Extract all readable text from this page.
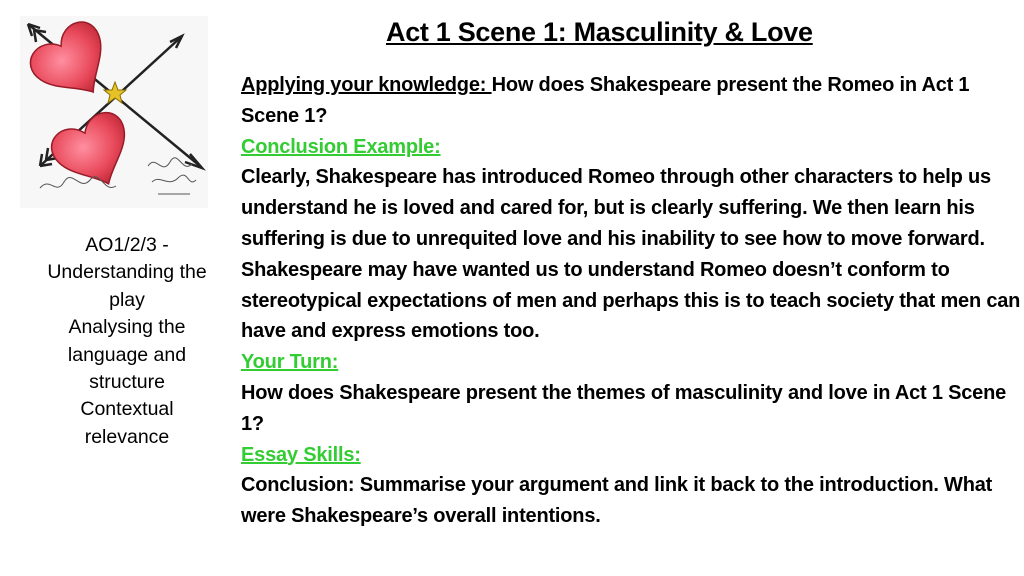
Act 1 Scene 1: Masculinity & Love
AO1/2/3 -
Understanding the
play
Analysing the
language and
structure
Contextual
relevance

Applying your knowledge: How does Shakespeare present the Romeo in Act 1 Scene 1?

Conclusion Example:

Clearly, Shakespeare has introduced Romeo through other characters to help us understand he is loved and cared for, but is clearly suffering. We then learn his suffering is due to unrequited love and his inability to see how to move forward. Shakespeare may have wanted us to understand Romeo doesn’t conform to stereotypical expectations of men and perhaps this is to teach society that men can have and express emotions too.

Your Turn:

How does Shakespeare present the themes of masculinity and love in Act 1 Scene 1?

Essay Skills:

Conclusion: Summarise your argument and link it back to the introduction. What were Shakespeare’s overall intentions.
